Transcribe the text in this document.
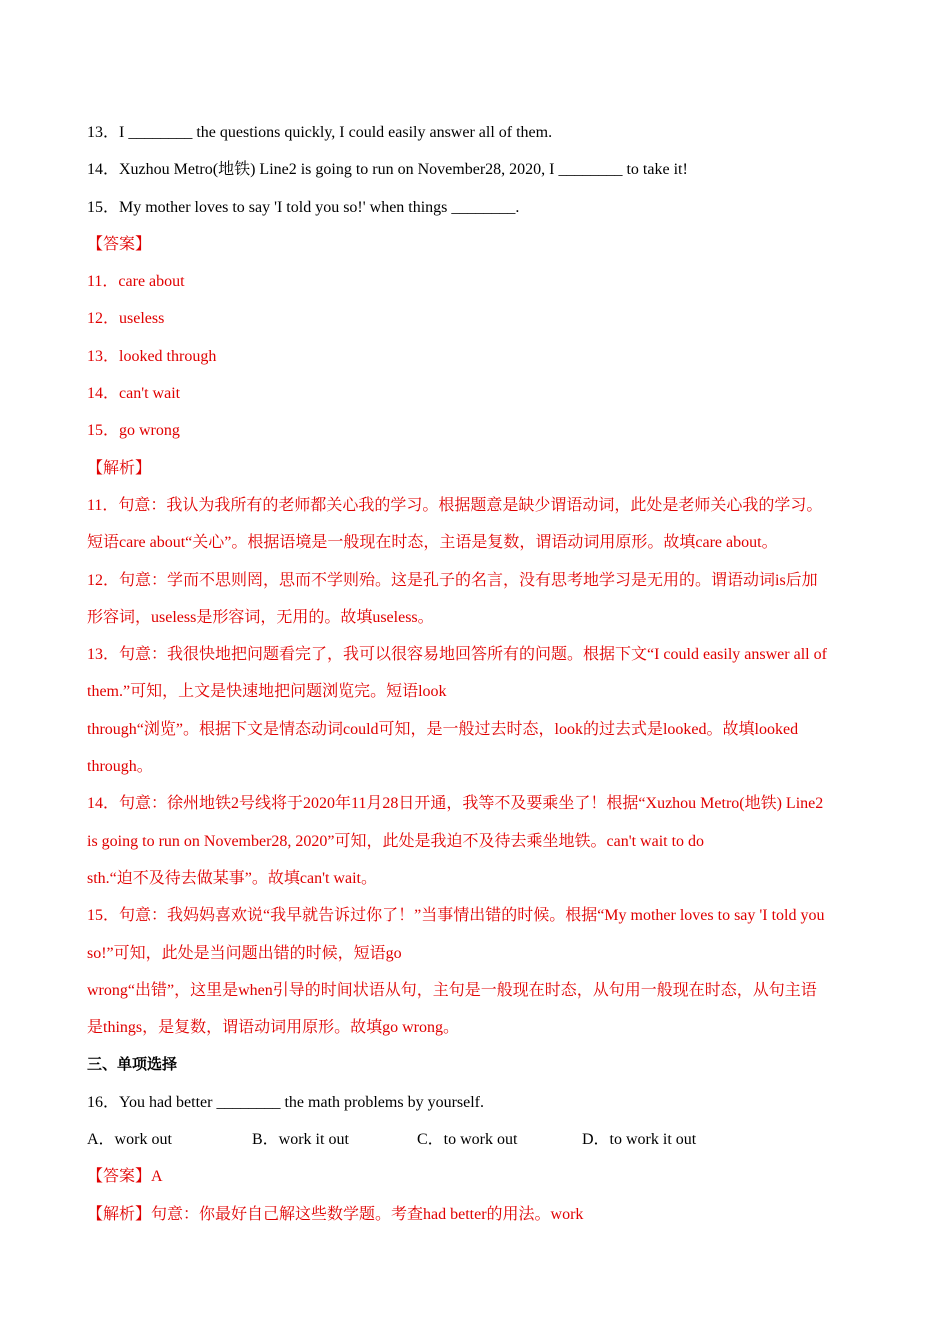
13．I ________ the questions quickly, I could easily answer all of them.
14．Xuzhou Metro(地铁) Line2 is going to run on November28, 2020, I ________ to take it!
15．My mother loves to say 'I told you so!' when things ________.
【答案】
11．care about
12．useless
13．looked through
14．can't wait
15．go wrong
【解析】
11．句意：我认为我所有的老师都关心我的学习。根据题意是缺少谓语动词，此处是老师关心我的学习。
短语care about“关心”。根据语境是一般现在时态，主语是复数，谓语动词用原形。故填care about。
12．句意：学而不思则罔，思而不学则殆。这是孔子的名言，没有思考地学习是无用的。谓语动词is后加
形容词，useless是形容词，无用的。故填useless。
13．句意：我很快地把问题看完了，我可以很容易地回答所有的问题。根据下文“I could easily answer all of
them.”可知，上文是快速地把问题浏览完。短语look
through“浏览”。根据下文是情态动词could可知，是一般过去时态，look的过去式是looked。故填looked
through。
14．句意：徐州地铁2号线将于2020年11月28日开通，我等不及要乘坐了！根据“Xuzhou Metro(地铁) Line2
is going to run on November28, 2020”可知，此处是我迫不及待去乘坐地铁。can't wait to do
sth.“迫不及待去做某事”。故填can't wait。
15．句意：我妈妈喜欢说“我早就告诉过你了！”当事情出错的时候。根据“My mother loves to say 'I told you
so!”可知，此处是当问题出错的时候，短语go
wrong“出错”，这里是when引导的时间状语从句，主句是一般现在时态，从句用一般现在时态，从句主语
是things，是复数，谓语动词用原形。故填go wrong。
三、单项选择
16．You had better ________ the math problems by yourself.
A．work out	B．work it out	C．to work out	D．to work it out
【答案】A
【解析】句意：你最好自己解这些数学题。考查had better的用法。work
